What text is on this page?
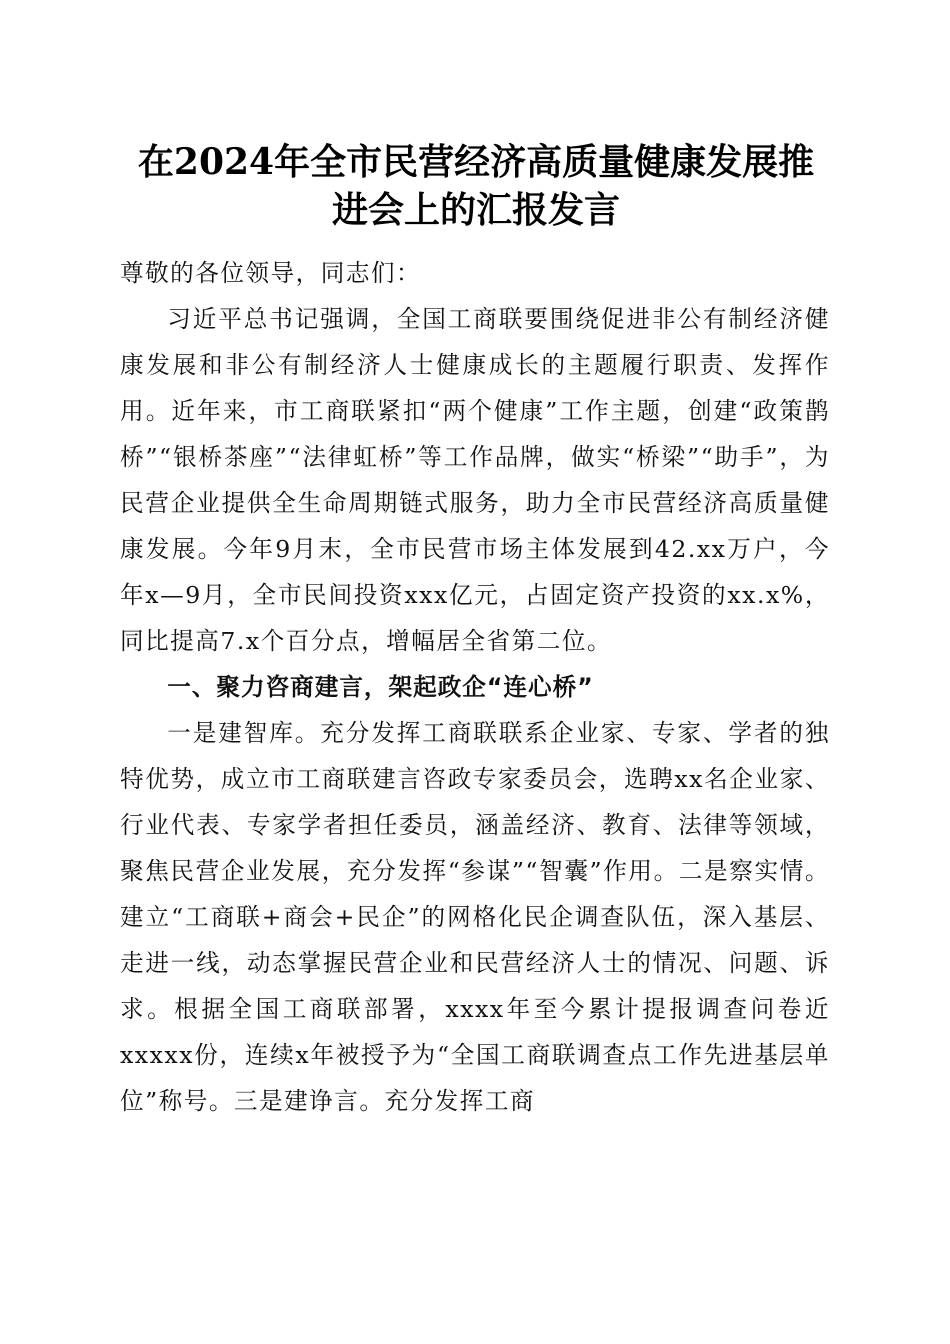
在2024年全市民营经济高质量健康发展推进会上的汇报发言

尊敬的各位领导，同志们：

习近平总书记强调，全国工商联要围绕促进非公有制经济健康发展和非公有制经济人士健康成长的主题履行职责、发挥作用。近年来，市工商联紧扣“两个健康”工作主题，创建“政策鹊桥”“银桥茶座”“法律虹桥”等工作品牌，做实“桥梁”“助手”，为民营企业提供全生命周期链式服务，助力全市民营经济高质量健康发展。今年9月末，全市民营市场主体发展到42.xx万户，今年x—9月，全市民间投资xxx亿元，占固定资产投资的xx.x%，同比提高7.x个百分点，增幅居全省第二位。

一、聚力咨商建言，架起政企“连心桥”

一是建智库。充分发挥工商联联系企业家、专家、学者的独特优势，成立市工商联建言咨政专家委员会，选聘xx名企业家、行业代表、专家学者担任委员，涵盖经济、教育、法律等领域，聚焦民营企业发展，充分发挥“参谋”“智囊”作用。二是察实情。建立“工商联+商会+民企”的网格化民企调查队伍，深入基层、走进一线，动态掌握民营企业和民营经济人士的情况、问题、诉求。根据全国工商联部署，xxxx年至今累计提报调查问卷近xxxxx份，连续x年被授予为“全国工商联调查点工作先进基层单位”称号。三是建诤言。充分发挥工商
